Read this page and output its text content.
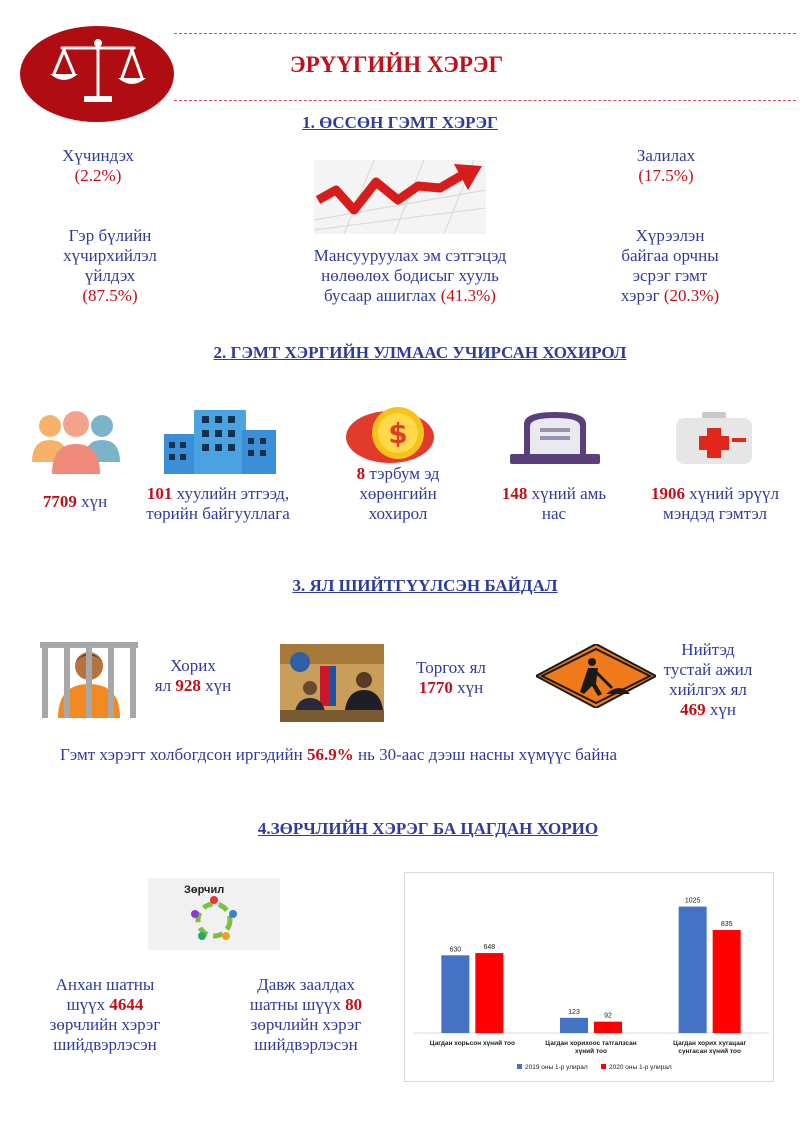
ЭРҮҮГИЙН ХЭРЭГ
1. ӨССӨН ГЭМТ ХЭРЭГ
Хүчиндэх
(2.2%)
Залилах
(17.5%)
Гэр бүлийн
хүчирхийлэл
үйлдэх
(87.5%)
Мансууруулах эм сэтгэцэд
нөлөөлөх бодисыг хууль
бусаар ашиглах (41.3%)
Хүрээлэн
байгаа орчны
эсрэг гэмт
хэрэг (20.3%)
2. ГЭМТ ХЭРГИЙН УЛМААС УЧИРСАН ХОХИРОЛ
7709 хүн	101 хуулийн этгээд,
төрийн байгууллага
$
8 тэрбум эд
хөрөнгийн
хохирол
148 хүний амь
нас
1906 хүний эрүүл
мэндэд гэмтэл
3. ЯЛ ШИЙТГҮҮЛСЭН БАЙДАЛ
Хорих
ял 928 хүн
Торгох ял
1770 хүн
Нийтэд
тустай ажил
хийлгэх ял
469 хүн
Гэмт хэрэгт холбогдсон иргэдийн 56.9% нь 30-аас дээш насны хүмүүс байна
4.ЗӨРЧЛИЙН ХЭРЭГ БА ЦАГДАН ХОРИО
Зөрчил
Анхан шатны
шүүх 4644
зөрчлийн хэрэг
шийдвэрлэсэн
Давж заалдах
шатны шүүх 80
зөрчлийн хэрэг
шийдвэрлэсэн
630	648
Цагдан хорьсон хүний тоо
123
92
Цагдан хорихоос татгалзсан
хүний тоо
1025
835
Цагдан хорих хугацааг
сунгасан хүний тоо
2019 оны 1-р улирал	2020 оны 1-р улирал
